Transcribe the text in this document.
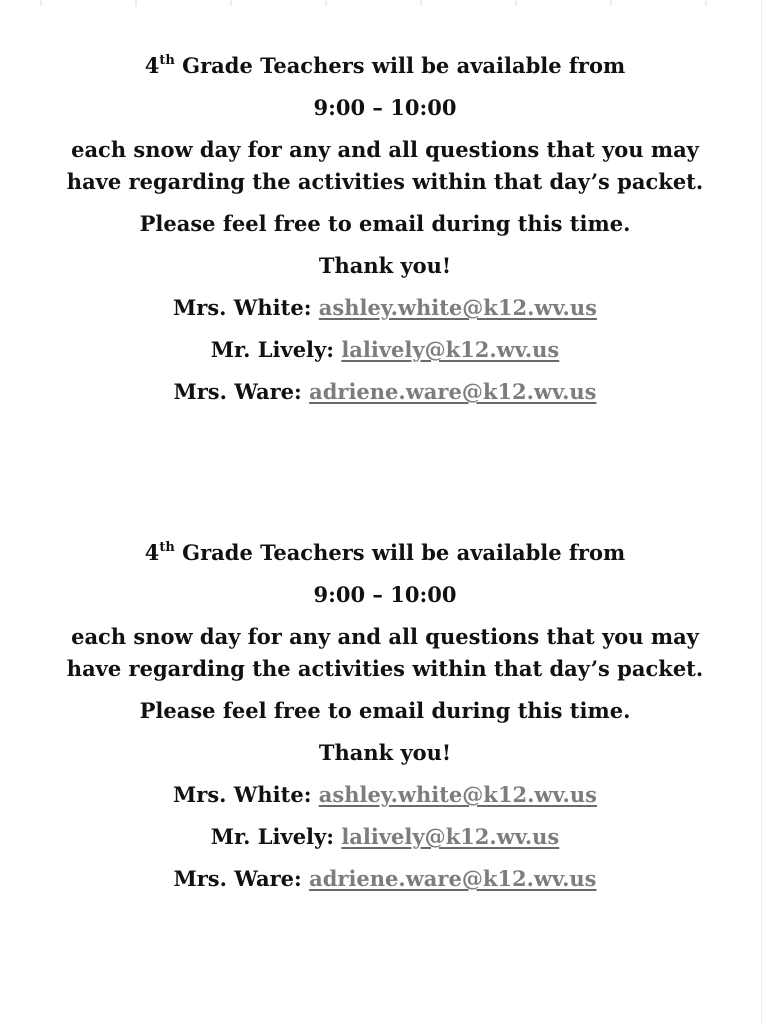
4th Grade Teachers will be available from

9:00 – 10:00

each snow day for any and all questions that you may have regarding the activities within that day’s packet.

Please feel free to email during this time.

Thank you!

Mrs. White: ashley.white@k12.wv.us

Mr. Lively: lalively@k12.wv.us

Mrs. Ware: adriene.ware@k12.wv.us

4th Grade Teachers will be available from

9:00 – 10:00

each snow day for any and all questions that you may have regarding the activities within that day’s packet.

Please feel free to email during this time.

Thank you!

Mrs. White: ashley.white@k12.wv.us

Mr. Lively: lalively@k12.wv.us

Mrs. Ware: adriene.ware@k12.wv.us
